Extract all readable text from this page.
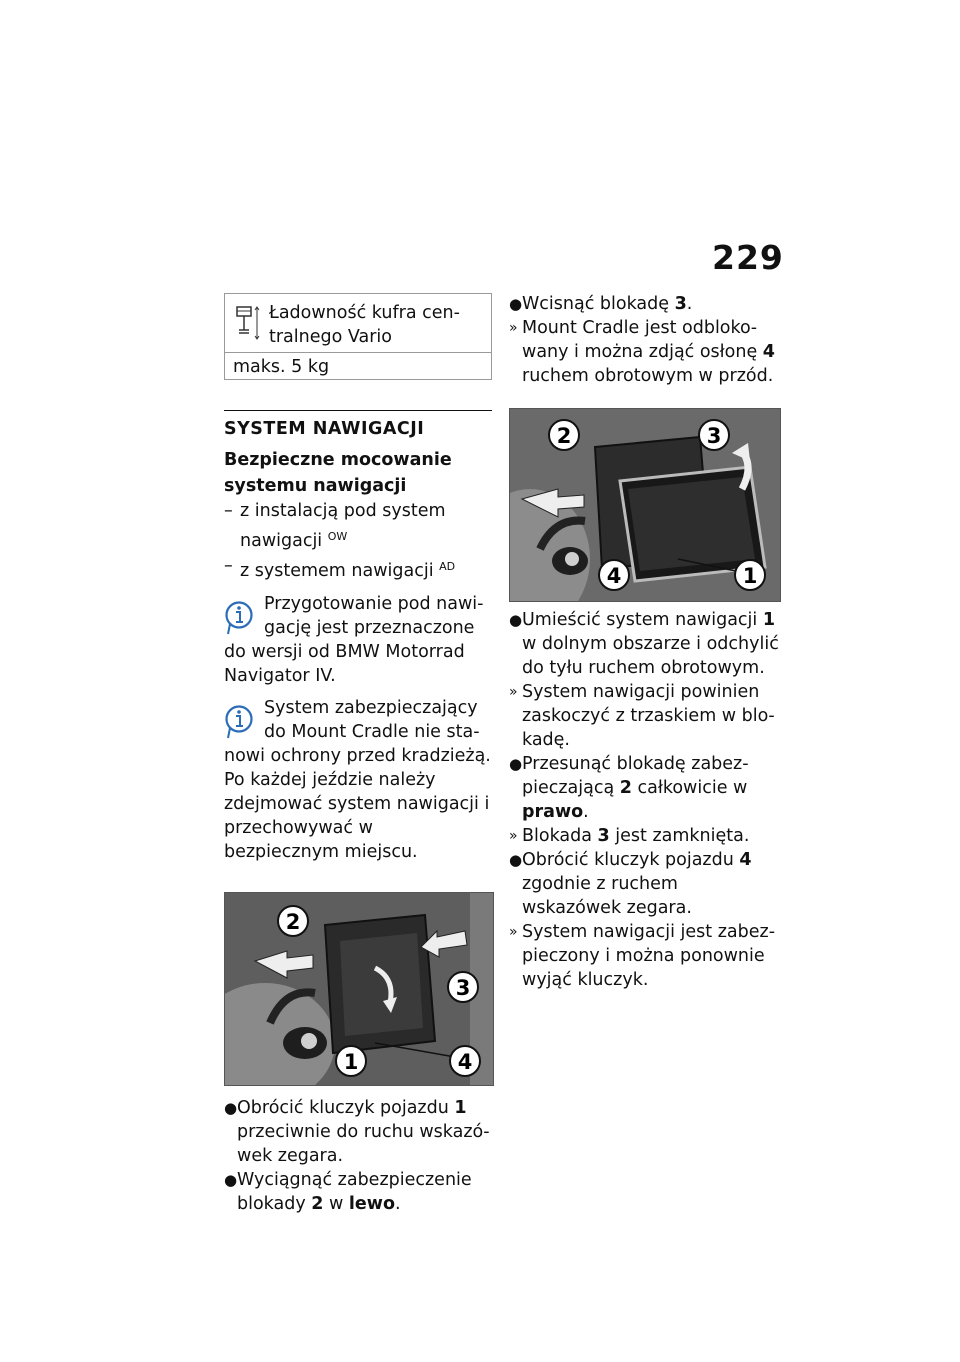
229
Ładowność kufra centralnego Vario
maks. 5 kg
SYSTEM NAWIGACJI
Bezpieczne mocowanie systemu nawigacji
– z instalacją pod system nawigacji $^{OW}$
– z systemem nawigacji $^{AD}$
Przygotowanie pod nawigację jest przeznaczone do wersji od BMW Motorrad Navigator IV.
System zabezpieczający do Mount Cradle nie stanowi ochrony przed kradzieżą. Po każdej jeździe należy zdejmować system nawigacji i przechowywać w bezpiecznym miejscu.
2
3
1	4
● Obrócić kluczyk pojazdu 1 przeciwnie do ruchu wskazówek zegara.
● Wyciągnąć zabezpieczenie blokady 2 w lewo.
● Wcisnąć blokadę 3.
» Mount Cradle jest odblokowany i można zdjąć osłonę 4 ruchem obrotowym w przód.
2	3
4	1
● Umieścić system nawigacji 1 w dolnym obszarze i odchylić do tyłu ruchem obrotowym.
» System nawigacji powinien zaskoczyć z trzaskiem w blokadę.
● Przesunąć blokadę zabezpieczającą 2 całkowicie w prawo.
» Blokada 3 jest zamknięta.
● Obrócić kluczyk pojazdu 4 zgodnie z ruchem wskazówek zegara.
» System nawigacji jest zabezpieczony i można ponownie wyjąć kluczyk.
